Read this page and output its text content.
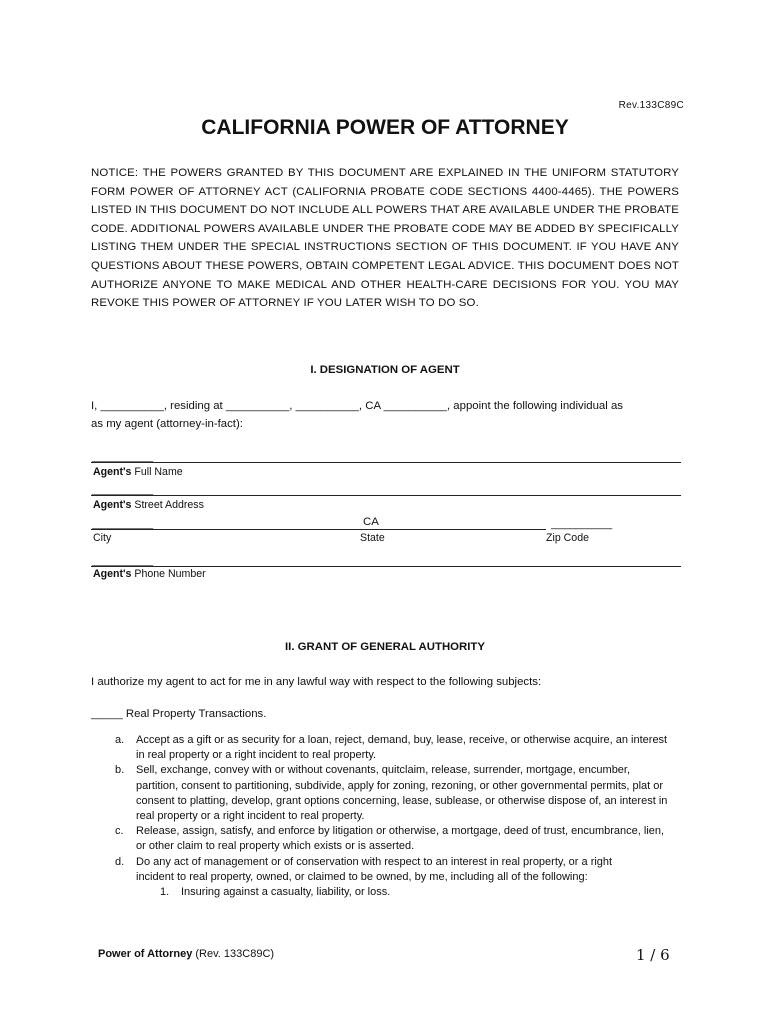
Rev.133C89C
CALIFORNIA POWER OF ATTORNEY
NOTICE: THE POWERS GRANTED BY THIS DOCUMENT ARE EXPLAINED IN THE UNIFORM STATUTORY FORM POWER OF ATTORNEY ACT (CALIFORNIA PROBATE CODE SECTIONS 4400-4465). THE POWERS LISTED IN THIS DOCUMENT DO NOT INCLUDE ALL POWERS THAT ARE AVAILABLE UNDER THE PROBATE CODE. ADDITIONAL POWERS AVAILABLE UNDER THE PROBATE CODE MAY BE ADDED BY SPECIFICALLY LISTING THEM UNDER THE SPECIAL INSTRUCTIONS SECTION OF THIS DOCUMENT. IF YOU HAVE ANY QUESTIONS ABOUT THESE POWERS, OBTAIN COMPETENT LEGAL ADVICE. THIS DOCUMENT DOES NOT AUTHORIZE ANYONE TO MAKE MEDICAL AND OTHER HEALTH-CARE DECISIONS FOR YOU. YOU MAY REVOKE THIS POWER OF ATTORNEY IF YOU LATER WISH TO DO SO.
I. DESIGNATION OF AGENT
I, __________, residing at __________, __________, CA __________, appoint the following individual as
as my agent (attorney-in-fact):
__________
Agent's Full Name
__________
Agent's Street Address
__________	CA	__________
City	State	Zip Code
__________
Agent's Phone Number
II. GRANT OF GENERAL AUTHORITY
I authorize my agent to act for me in any lawful way with respect to the following subjects:
_____ Real Property Transactions.
a. Accept as a gift or as security for a loan, reject, demand, buy, lease, receive, or otherwise acquire, an interest in real property or a right incident to real property.
b. Sell, exchange, convey with or without covenants, quitclaim, release, surrender, mortgage, encumber, partition, consent to partitioning, subdivide, apply for zoning, rezoning, or other governmental permits, plat or consent to platting, develop, grant options concerning, lease, sublease, or otherwise dispose of, an interest in real property or a right incident to real property.
c. Release, assign, satisfy, and enforce by litigation or otherwise, a mortgage, deed of trust, encumbrance, lien, or other claim to real property which exists or is asserted.
d. Do any act of management or of conservation with respect to an interest in real property, or a right incident to real property, owned, or claimed to be owned, by me, including all of the following:
1. Insuring against a casualty, liability, or loss.
Power of Attorney (Rev. 133C89C)	1 / 6
